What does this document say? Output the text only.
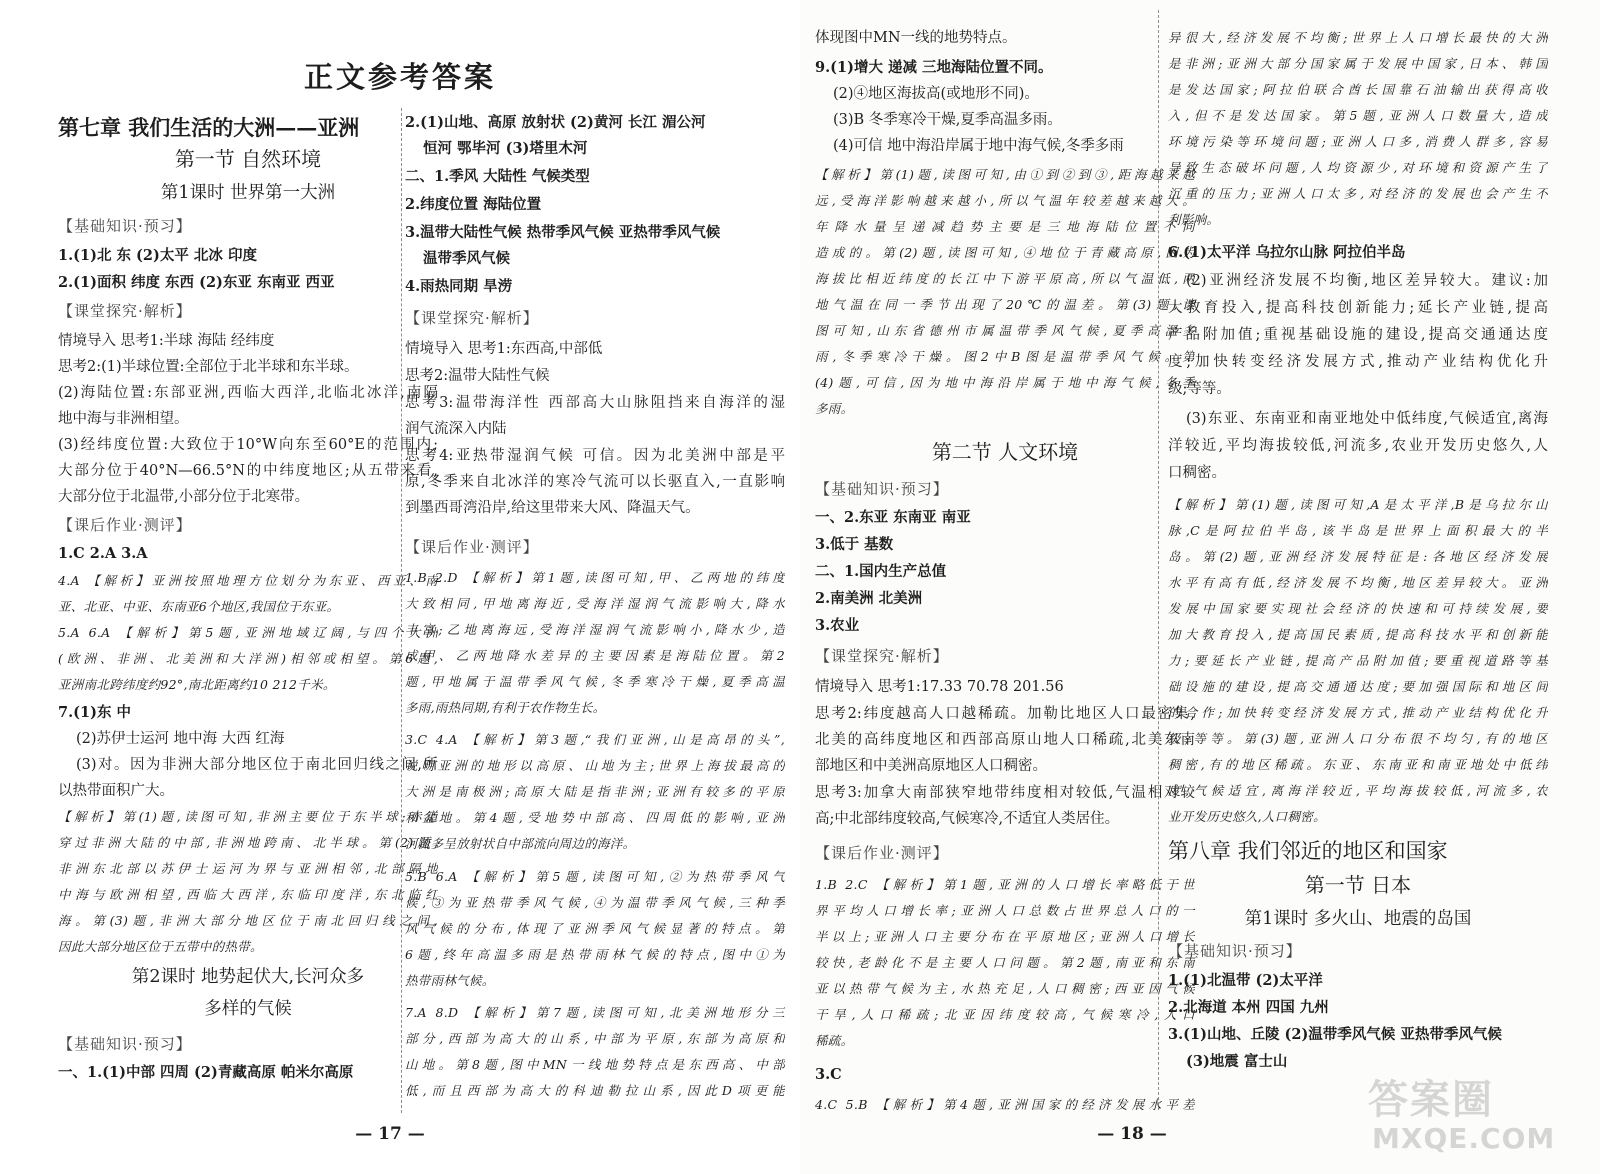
正文参考答案
第七章 我们生活的大洲——亚洲
第一节 自然环境
第1课时 世界第一大洲
【基础知识·预习】
1.(1)北 东 (2)太平 北冰 印度
2.(1)面积 纬度 东西 (2)东亚 东南亚 西亚
【课堂探究·解析】
情境导入 思考1:半球 海陆 经纬度
思考2:(1)半球位置:全部位于北半球和东半球。
(2)海陆位置:东部亚洲,西临大西洋,北临北冰洋,南隔
地中海与非洲相望。
(3)经纬度位置:大致位于10°W向东至60°E的范围内;
大部分位于40°N—66.5°N的中纬度地区;从五带来看,
大部分位于北温带,小部分位于北寒带。
【课后作业·测评】
1.C 2.A 3.A
4.A 【解析】亚洲按照地理方位划分为东亚、西亚、南
亚、北亚、中亚、东南亚6个地区,我国位于东亚。
5.A 6.A 【解析】第5题,亚洲地域辽阔,与四个大洲
(欧洲、非洲、北美洲和大洋洲)相邻或相望。第6题,
亚洲南北跨纬度约92°,南北距离约10 212千米。
7.(1)东 中
(2)苏伊士运河 地中海 大西 红海
(3)对。因为非洲大部分地区位于南北回归线之间,所
以热带面积广大。
【解析】第(1)题,读图可知,非洲主要位于东半球;赤道
穿过非洲大陆的中部,非洲地跨南、北半球。第(2)题,
非洲东北部以苏伊士运河为界与亚洲相邻,北部隔地
中海与欧洲相望,西临大西洋,东临印度洋,东北临红
海。第(3)题,非洲大部分地区位于南北回归线之间,
因此大部分地区位于五带中的热带。
第2课时 地势起伏大,长河众多
多样的气候
【基础知识·预习】
一、1.(1)中部 四周 (2)青藏高原 帕米尔高原
2.(1)山地、高原 放射状 (2)黄河 长江 湄公河
恒河 鄂毕河 (3)塔里木河
二、1.季风 大陆性 气候类型
2.纬度位置 海陆位置
3.温带大陆性气候 热带季风气候 亚热带季风气候
温带季风气候
4.雨热同期 旱涝
【课堂探究·解析】
情境导入 思考1:东西高,中部低
思考2:温带大陆性气候
思考3:温带海洋性 西部高大山脉阻挡来自海洋的湿
润气流深入内陆
思考4:亚热带湿润气候 可信。因为北美洲中部是平
原,冬季来自北冰洋的寒冷气流可以长驱直入,一直影响
到墨西哥湾沿岸,给这里带来大风、降温天气。
【课后作业·测评】
1.B 2.D 【解析】第1题,读图可知,甲、乙两地的纬度
大致相同,甲地离海近,受海洋湿润气流影响大,降水
丰富;乙地离海远,受海洋湿润气流影响小,降水少,造
成甲、乙两地降水差异的主要因素是海陆位置。第2
题,甲地属于温带季风气候,冬季寒冷干燥,夏季高温
多雨,雨热同期,有利于农作物生长。
3.C 4.A 【解析】第3题,“我们亚洲,山是高昂的头”,
说明亚洲的地形以高原、山地为主;世界上海拔最高的
大洲是南极洲;高原大陆是指非洲;亚洲有较多的平原
和盆地。第4题,受地势中部高、四周低的影响,亚洲
河流多呈放射状自中部流向周边的海洋。
5.B 6.A 【解析】第5题,读图可知,②为热带季风气
候,③为亚热带季风气候,④为温带季风气候,三种季
风气候的分布,体现了亚洲季风气候显著的特点。第
6题,终年高温多雨是热带雨林气候的特点,图中①为
热带雨林气候。
7.A 8.D 【解析】第7题,读图可知,北美洲地形分三
部分,西部为高大的山系,中部为平原,东部为高原和
山地。第8题,图中MN一线地势特点是东西高、中部
低,而且西部为高大的科迪勒拉山系,因此D项更能
— 17 —
体现图中MN一线的地势特点。
9.(1)增大 递减 三地海陆位置不同。
(2)④地区海拔高(或地形不同)。
(3)B 冬季寒冷干燥,夏季高温多雨。
(4)可信 地中海沿岸属于地中海气候,冬季多雨
【解析】第(1)题,读图可知,由①到②到③,距海越来越
远,受海洋影响越来越小,所以气温年较差越来越大。
年降水量呈递减趋势主要是三地海陆位置不同
造成的。第(2)题,读图可知,④地位于青藏高原,因为
海拔比相近纬度的长江中下游平原高,所以气温低,两
地气温在同一季节出现了20℃的温差。第(3)题,读
图可知,山东省德州市属温带季风气候,夏季高温多
雨,冬季寒冷干燥。图2中B图是温带季风气候。第
(4)题,可信,因为地中海沿岸属于地中海气候,冬季
多雨。
第二节 人文环境
【基础知识·预习】
一、2.东亚 东南亚 南亚
3.低于 基数
二、1.国内生产总值
2.南美洲 北美洲
3.农业
【课堂探究·解析】
情境导入 思考1:17.33 70.78 201.56
思考2:纬度越高人口越稀疏。加勒比地区人口最密集,
北美的高纬度地区和西部高原山地人口稀疏,北美东南
部地区和中美洲高原地区人口稠密。
思考3:加拿大南部狭窄地带纬度相对较低,气温相对较
高;中北部纬度较高,气候寒冷,不适宜人类居住。
【课后作业·测评】
1.B 2.C 【解析】第1题,亚洲的人口增长率略低于世
界平均人口增长率;亚洲人口总数占世界总人口的一
半以上;亚洲人口主要分布在平原地区;亚洲人口增长
较快,老龄化不是主要人口问题。第2题,南亚和东南
亚以热带气候为主,水热充足,人口稠密;西亚因气候
干旱,人口稀疏;北亚因纬度较高,气候寒冷,人口
稀疏。
3.C
4.C 5.B 【解析】第4题,亚洲国家的经济发展水平差
异很大,经济发展不均衡;世界上人口增长最快的大洲
是非洲;亚洲大部分国家属于发展中国家,日本、韩国
是发达国家;阿拉伯联合酋长国靠石油输出获得高收
入,但不是发达国家。第5题,亚洲人口数量大,造成
环境污染等环境问题;亚洲人口多,消费人群多,容易
导致生态破坏问题,人均资源少,对环境和资源产生了
沉重的压力;亚洲人口太多,对经济的发展也会产生不
利影响。
6.(1)太平洋 乌拉尔山脉 阿拉伯半岛
(2)亚洲经济发展不均衡,地区差异较大。建议:加
大教育投入,提高科技创新能力;延长产业链,提高
产品附加值;重视基础设施的建设,提高交通通达度
度;加快转变经济发展方式,推动产业结构优化升
级;等等。
(3)东亚、东南亚和南亚地处中低纬度,气候适宜,离海
洋较近,平均海拔较低,河流多,农业开发历史悠久,人
口稠密。
【解析】第(1)题,读图可知,A是太平洋,B是乌拉尔山
脉,C是阿拉伯半岛,该半岛是世界上面积最大的半
岛。第(2)题,亚洲经济发展特征是:各地区经济发展
水平有高有低,经济发展不均衡,地区差异较大。亚洲
发展中国家要实现社会经济的快速和可持续发展,要
加大教育投入,提高国民素质,提高科技水平和创新能
力;要延长产业链,提高产品附加值;要重视道路等基
础设施的建设,提高交通通达度;要加强国际和地区间
的合作;加快转变经济发展方式,推动产业结构优化升
级;等等。第(3)题,亚洲人口分布很不均匀,有的地区
稠密,有的地区稀疏。东亚、东南亚和南亚地处中低纬
度,气候适宜,离海洋较近,平均海拔较低,河流多,农
业开发历史悠久,人口稠密。
第八章 我们邻近的地区和国家
第一节 日本
第1课时 多火山、地震的岛国
【基础知识·预习】
1.(1)北温带 (2)太平洋
2.北海道 本州 四国 九州
3.(1)山地、丘陵 (2)温带季风气候 亚热带季风气候
(3)地震 富士山
— 18 —
答案圈
MXQE.COM
